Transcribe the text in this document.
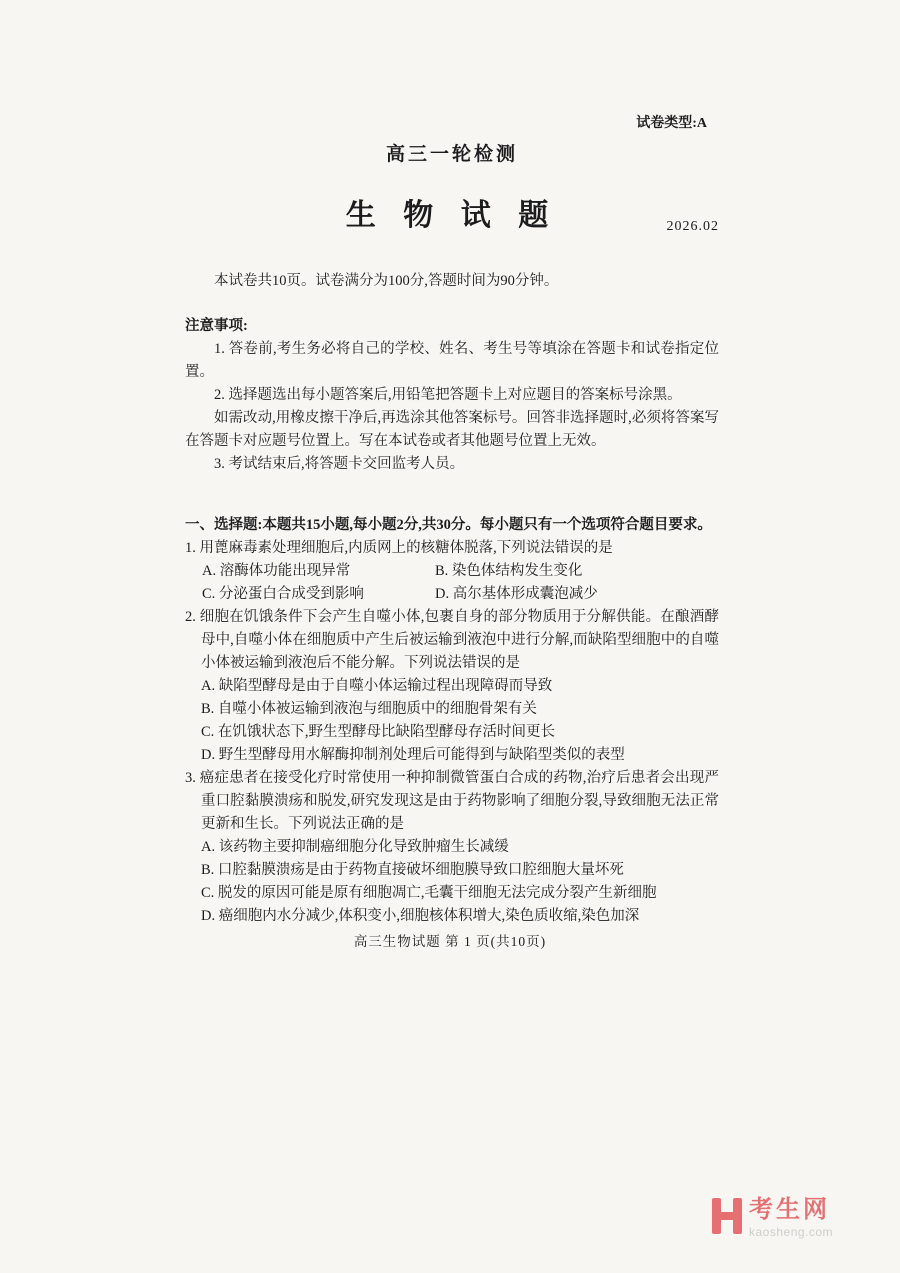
试卷类型:A
高三一轮检测
生 物 试 题	2026.02

本试卷共10页。试卷满分为100分,答题时间为90分钟。

注意事项:

1. 答卷前,考生务必将自己的学校、姓名、考生号等填涂在答题卡和试卷指定位置。

2. 选择题选出每小题答案后,用铅笔把答题卡上对应题目的答案标号涂黑。

如需改动,用橡皮擦干净后,再选涂其他答案标号。回答非选择题时,必须将答案写在答题卡对应题号位置上。写在本试卷或者其他题号位置上无效。

3. 考试结束后,将答题卡交回监考人员。

一、选择题:本题共15小题,每小题2分,共30分。每小题只有一个选项符合题目要求。

1. 用蓖麻毒素处理细胞后,内质网上的核糖体脱落,下列说法错误的是

A. 溶酶体功能出现异常	B. 染色体结构发生变化
C. 分泌蛋白合成受到影响	D. 高尔基体形成囊泡减少

2. 细胞在饥饿条件下会产生自噬小体,包裹自身的部分物质用于分解供能。在酿酒酵母中,自噬小体在细胞质中产生后被运输到液泡中进行分解,而缺陷型细胞中的自噬小体被运输到液泡后不能分解。下列说法错误的是

A. 缺陷型酵母是由于自噬小体运输过程出现障碍而导致

B. 自噬小体被运输到液泡与细胞质中的细胞骨架有关

C. 在饥饿状态下,野生型酵母比缺陷型酵母存活时间更长

D. 野生型酵母用水解酶抑制剂处理后可能得到与缺陷型类似的表型

3. 癌症患者在接受化疗时常使用一种抑制微管蛋白合成的药物,治疗后患者会出现严重口腔黏膜溃疡和脱发,研究发现这是由于药物影响了细胞分裂,导致细胞无法正常更新和生长。下列说法正确的是

A. 该药物主要抑制癌细胞分化导致肿瘤生长减缓

B. 口腔黏膜溃疡是由于药物直接破坏细胞膜导致口腔细胞大量坏死

C. 脱发的原因可能是原有细胞凋亡,毛囊干细胞无法完成分裂产生新细胞

D. 癌细胞内水分减少,体积变小,细胞核体积增大,染色质收缩,染色加深

高三生物试题 第 1 页(共10页)
考生网
kaosheng.com
